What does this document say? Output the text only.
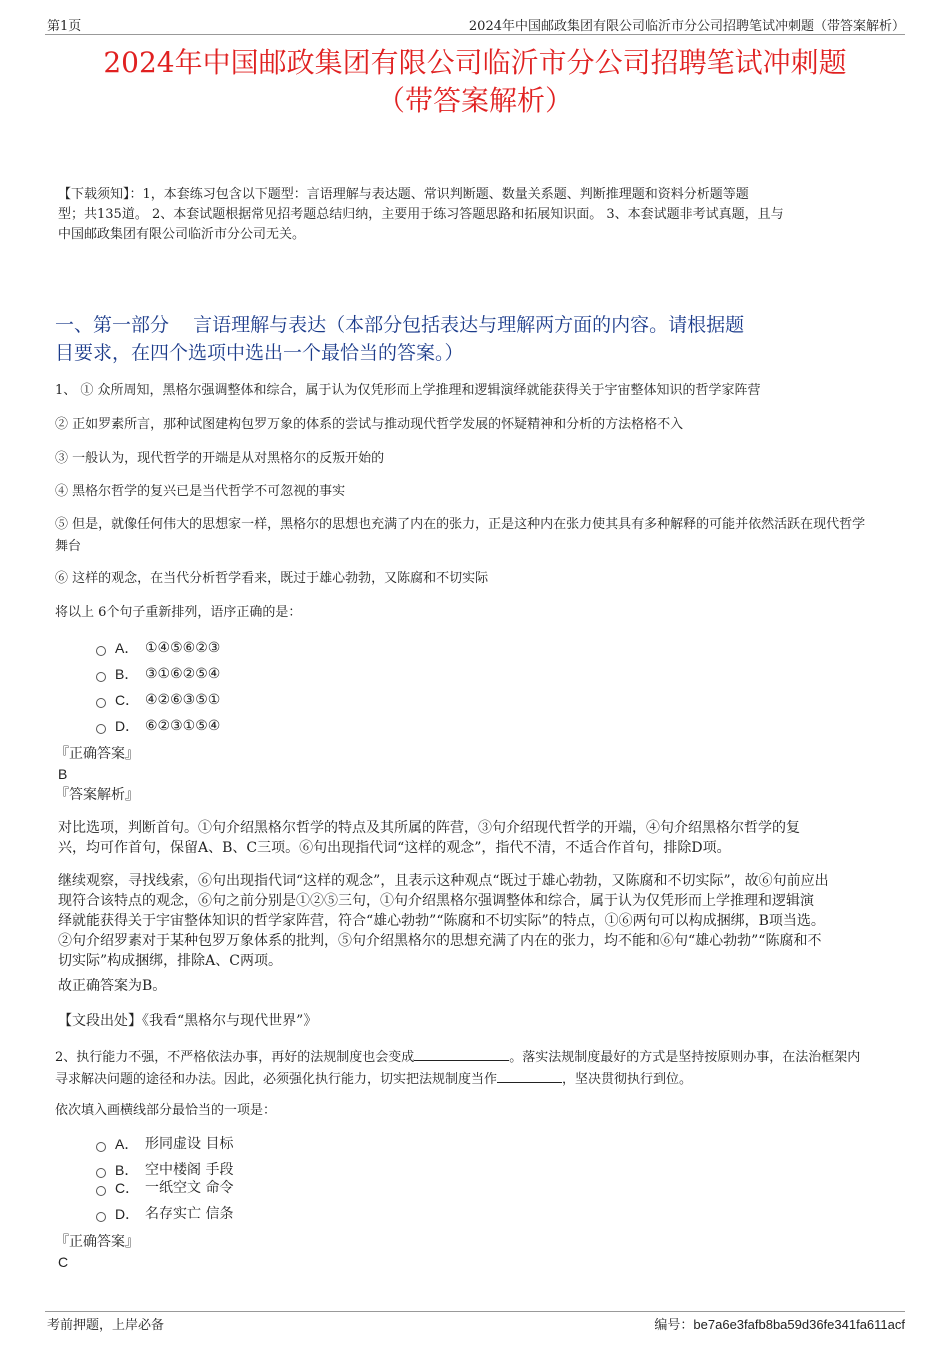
第1页	2024年中国邮政集团有限公司临沂市分公司招聘笔试冲刺题（带答案解析）
2024年中国邮政集团有限公司临沂市分公司招聘笔试冲刺题
（带答案解析）
【下载须知】：1，本套练习包含以下题型：言语理解与表达题、常识判断题、数量关系题、判断推理题和资料分析题等题
型；共135道。 2、本套试题根据常见招考题总结归纳，主要用于练习答题思路和拓展知识面。 3、本套试题非考试真题，且与
中国邮政集团有限公司临沂市分公司无关。
一、第一部分    言语理解与表达（本部分包括表达与理解两方面的内容。请根据题
目要求，在四个选项中选出一个最恰当的答案。）
1、 ① 众所周知，黑格尔强调整体和综合，属于认为仅凭形而上学推理和逻辑演绎就能获得关于宇宙整体知识的哲学家阵营
② 正如罗素所言，那种试图建构包罗万象的体系的尝试与推动现代哲学发展的怀疑精神和分析的方法格格不入
③ 一般认为，现代哲学的开端是从对黑格尔的反叛开始的
④ 黑格尔哲学的复兴已是当代哲学不可忽视的事实
⑤ 但是，就像任何伟大的思想家一样，黑格尔的思想也充满了内在的张力，正是这种内在张力使其具有多种解释的可能并依然活跃在现代哲学
舞台
⑥ 这样的观念，在当代分析哲学看来，既过于雄心勃勃，又陈腐和不切实际
将以上 6个句子重新排列，语序正确的是：
A． ①④⑤⑥②③
B． ③①⑥②⑤④
C． ④②⑥③⑤①
D． ⑥②③①⑤④
『正确答案』
B
『答案解析』
对比选项，判断首句。①句介绍黑格尔哲学的特点及其所属的阵营，③句介绍现代哲学的开端，④句介绍黑格尔哲学的复
兴，均可作首句，保留A、B、C三项。⑥句出现指代词“这样的观念”，指代不清，不适合作首句，排除D项。
继续观察，寻找线索，⑥句出现指代词“这样的观念”，且表示这种观点“既过于雄心勃勃，又陈腐和不切实际”，故⑥句前应出
现符合该特点的观念，⑥句之前分别是①②⑤三句，①句介绍黑格尔强调整体和综合，属于认为仅凭形而上学推理和逻辑演
绎就能获得关于宇宙整体知识的哲学家阵营，符合“雄心勃勃”“陈腐和不切实际”的特点，①⑥两句可以构成捆绑，B项当选。
②句介绍罗素对于某种包罗万象体系的批判，⑤句介绍黑格尔的思想充满了内在的张力，均不能和⑥句“雄心勃勃”“陈腐和不
切实际”构成捆绑，排除A、C两项。
故正确答案为B。
【文段出处】《我看“黑格尔与现代世界”》
2、执行能力不强，不严格依法办事，再好的法规制度也会变成	。落实法规制度最好的方式是坚持按原则办事，在法治框架内
寻求解决问题的途径和办法。因此，必须强化执行能力，切实把法规制度当作	，坚决贯彻执行到位。
依次填入画横线部分最恰当的一项是：
A． 形同虚设 目标
B． 空中楼阁 手段
C． 一纸空文 命令
D． 名存实亡 信条
『正确答案』
C
考前押题，上岸必备	编号：be7a6e3fafb8ba59d36fe341fa611acf
